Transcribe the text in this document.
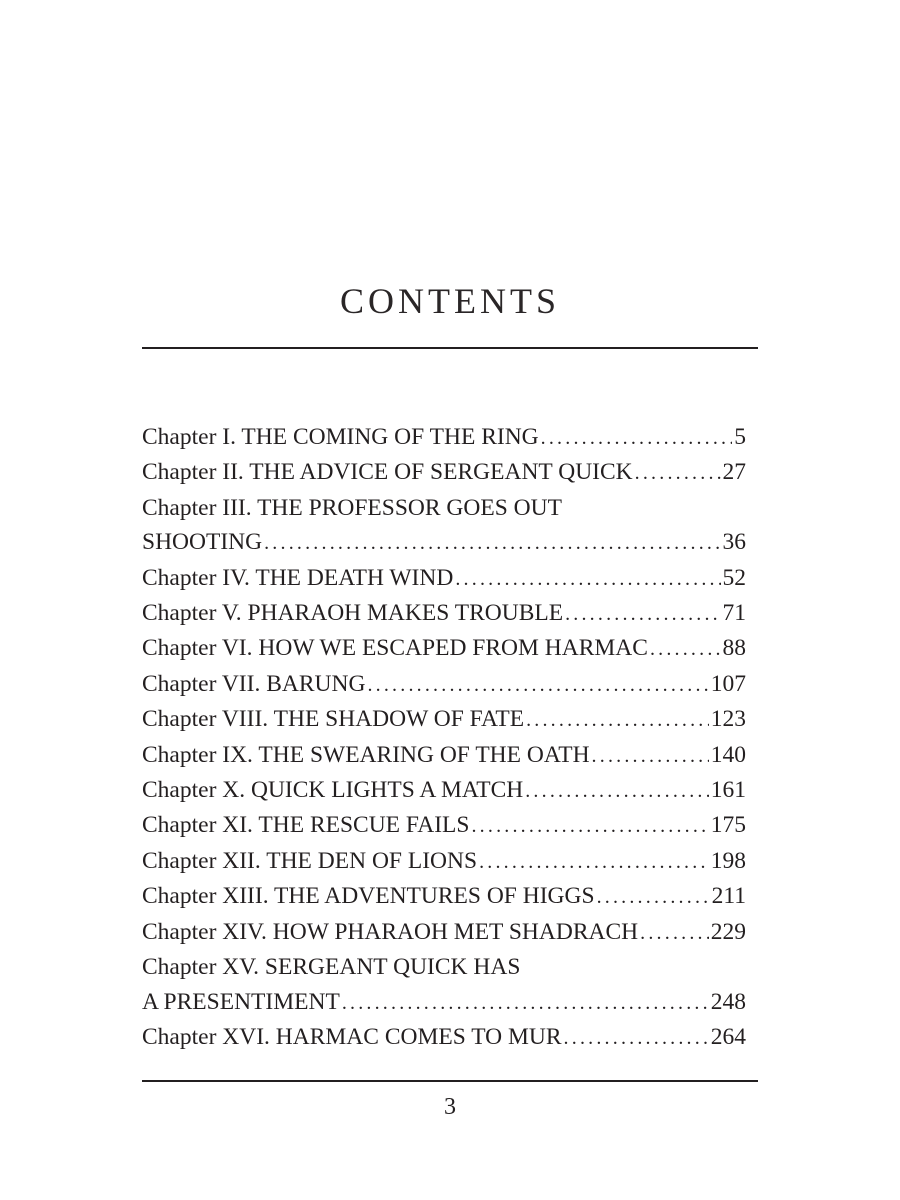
CONTENTS
Chapter I. THE COMING OF THE RING .....	5
Chapter II. THE ADVICE OF SERGEANT QUICK .....	27
Chapter III. THE PROFESSOR GOES OUT
SHOOTING .....	36
Chapter IV. THE DEATH WIND .....	52
Chapter V. PHARAOH MAKES TROUBLE .....	71
Chapter VI. HOW WE ESCAPED FROM HARMAC .....	88
Chapter VII. BARUNG .....	107
Chapter VIII. THE SHADOW OF FATE .....	123
Chapter IX. THE SWEARING OF THE OATH .....	140
Chapter X. QUICK LIGHTS A MATCH .....	161
Chapter XI. THE RESCUE FAILS .....	175
Chapter XII. THE DEN OF LIONS .....	198
Chapter XIII. THE ADVENTURES OF HIGGS .....	211
Chapter XIV. HOW PHARAOH MET SHADRACH .....	229
Chapter XV. SERGEANT QUICK HAS
A PRESENTIMENT .....	248
Chapter XVI. HARMAC COMES TO MUR .....	264
3
